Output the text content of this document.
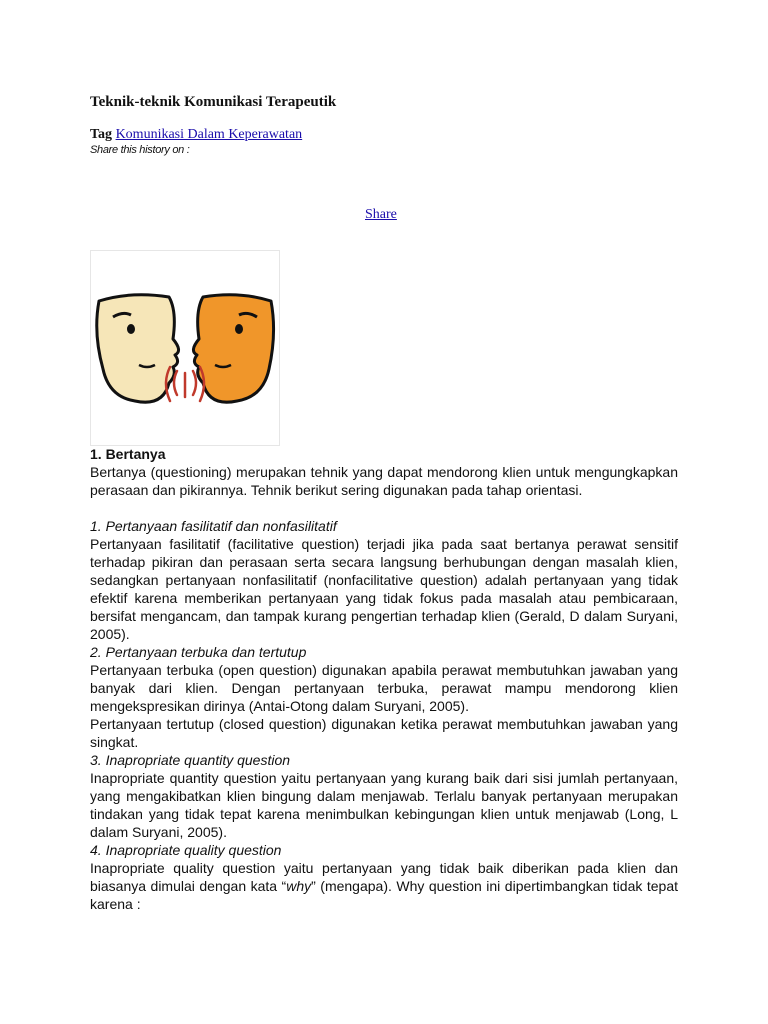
Teknik-teknik Komunikasi Terapeutik
Tag Komunikasi Dalam Keperawatan
Share this history on :
Share

1. Bertanya

Bertanya (questioning) merupakan tehnik yang dapat mendorong klien untuk mengungkapkan perasaan dan pikirannya. Tehnik berikut sering digunakan pada tahap orientasi.

1. Pertanyaan fasilitatif dan nonfasilitatif

Pertanyaan fasilitatif (facilitative question) terjadi jika pada saat bertanya perawat sensitif terhadap pikiran dan perasaan serta secara langsung berhubungan dengan masalah klien, sedangkan pertanyaan nonfasilitatif (nonfacilitative question) adalah pertanyaan yang tidak efektif karena memberikan pertanyaan yang tidak fokus pada masalah atau pembicaraan, bersifat mengancam, dan tampak kurang pengertian terhadap klien (Gerald, D dalam Suryani, 2005).

2. Pertanyaan terbuka dan tertutup

Pertanyaan terbuka (open question) digunakan apabila perawat membutuhkan jawaban yang banyak dari klien. Dengan pertanyaan terbuka, perawat mampu mendorong klien mengekspresikan dirinya (Antai-Otong dalam Suryani, 2005).

Pertanyaan tertutup (closed question) digunakan ketika perawat membutuhkan jawaban yang singkat.

3. Inapropriate quantity question

Inapropriate quantity question yaitu pertanyaan yang kurang baik dari sisi jumlah pertanyaan, yang mengakibatkan klien bingung dalam menjawab. Terlalu banyak pertanyaan merupakan tindakan yang tidak tepat karena menimbulkan kebingungan klien untuk menjawab (Long, L dalam Suryani, 2005).

4. Inapropriate quality question

Inapropriate quality question yaitu pertanyaan yang tidak baik diberikan pada klien dan biasanya dimulai dengan kata “why” (mengapa). Why question ini dipertimbangkan tidak tepat karena :
